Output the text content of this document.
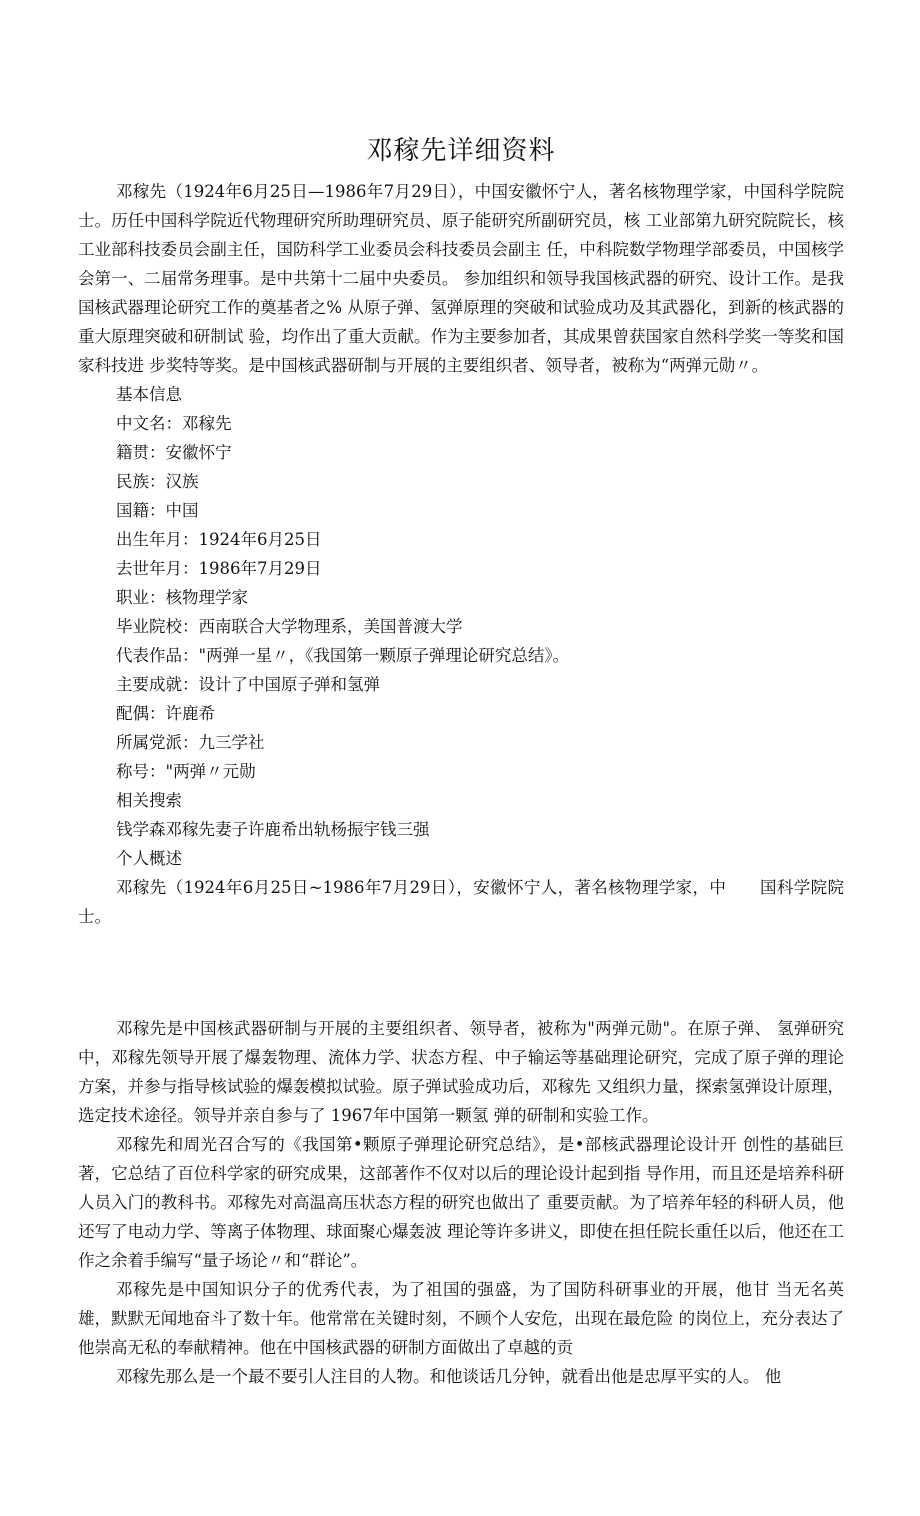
邓稼先详细资料

邓稼先（1924年6月25日—1986年7月29日），中国安徽怀宁人，著名核物理学家，中国科学院院士。历任中国科学院近代物理研究所助理研究员、原子能研究所副研究员，核 工业部第九研究院院长，核工业部科技委员会副主任，国防科学工业委员会科技委员会副主 任，中科院数学物理学部委员，中国核学会第一、二届常务理事。是中共第十二届中央委员。 参加组织和领导我国核武器的研究、设计工作。是我国核武器理论研究工作的奠基者之% 从原子弹、氢弹原理的突破和试验成功及其武器化，到新的核武器的重大原理突破和研制试 验，均作出了重大贡献。作为主要参加者，其成果曾获国家自然科学奖一等奖和国家科技进 步奖特等奖。是中国核武器研制与开展的主要组织者、领导者，被称为“两弹元勋〃。

基本信息

中文名：邓稼先

籍贯：安徽怀宁

民族：汉族

国籍：中国

出生年月：1924年6月25日

去世年月：1986年7月29日

职业：核物理学家

毕业院校：西南联合大学物理系，美国普渡大学

代表作品："两弹一星〃，《我国第一颗原子弹理论研究总结》。

主要成就：设计了中国原子弹和氢弹

配偶：许鹿希

所属党派：九三学社

称号："两弹〃元勋

相关搜索

钱学森邓稼先妻子许鹿希出轨杨振宇钱三强

个人概述

邓稼先（1924年6月25日~1986年7月29日），安徽怀宁人，著名核物理学家，中　　国科学院院士。

邓稼先是中国核武器研制与开展的主要组织者、领导者，被称为"两弹元勋"。在原子弹、 氢弹研究中，邓稼先领导开展了爆轰物理、流体力学、状态方程、中子输运等基础理论研究，完成了原子弹的理论方案，并参与指导核试验的爆轰模拟试验。原子弹试验成功后，邓稼先 又组织力量，探索氢弹设计原理，选定技术途径。领导并亲自参与了 1967年中国第一颗氢 弹的研制和实验工作。

邓稼先和周光召合写的《我国第•颗原子弹理论研究总结》，是•部核武器理论设计开 创性的基础巨著，它总结了百位科学家的研究成果，这部著作不仅对以后的理论设计起到指 导作用，而且还是培养科研人员入门的教科书。邓稼先对高温高压状态方程的研究也做出了 重要贡献。为了培养年轻的科研人员，他还写了电动力学、等离子体物理、球面聚心爆轰波 理论等许多讲义，即使在担任院长重任以后，他还在工作之余着手编写“量子场论〃和“群论”。

邓稼先是中国知识分子的优秀代表，为了祖国的强盛，为了国防科研事业的开展，他甘 当无名英雄，默默无闻地奋斗了数十年。他常常在关键时刻，不顾个人安危，出现在最危险 的岗位上，充分表达了他崇高无私的奉献精神。他在中国核武器的研制方面做出了卓越的贡

邓稼先那么是一个最不要引人注目的人物。和他谈话几分钟，就看出他是忠厚平实的人。 他
